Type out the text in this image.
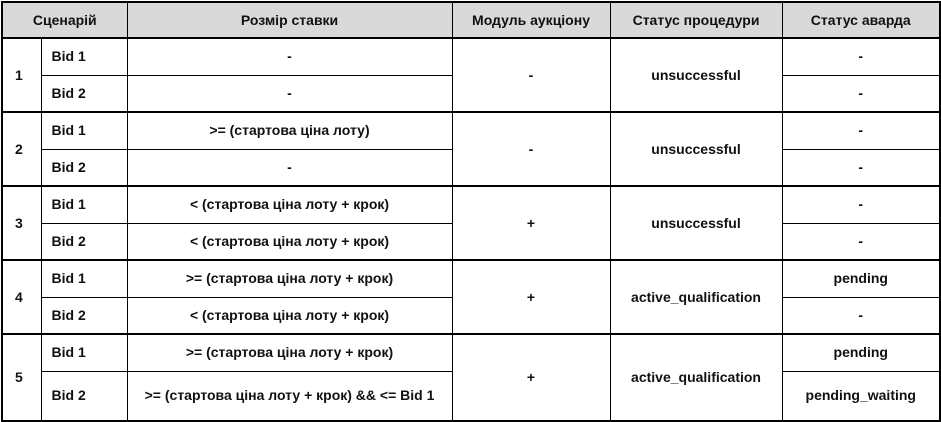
Сценарій		Розмір ставки	Модуль аукціону	Статус процедури	Статус аварда
1	Bid 1	-	-	unsuccessful	-
	Bid 2	-			-
2	Bid 1	>= (стартова ціна лоту)	-	unsuccessful	-
	Bid 2	-			-
3	Bid 1	< (стартова ціна лоту + крок)	+	unsuccessful	-
	Bid 2	< (стартова ціна лоту + крок)			-
4	Bid 1	>= (стартова ціна лоту + крок)	+	active_qualification	pending
	Bid 2	< (стартова ціна лоту + крок)			-
5	Bid 1	>= (стартова ціна лоту + крок)	+	active_qualification	pending
	Bid 2	>= (стартова ціна лоту + крок) && <= Bid 1			pending_waiting
